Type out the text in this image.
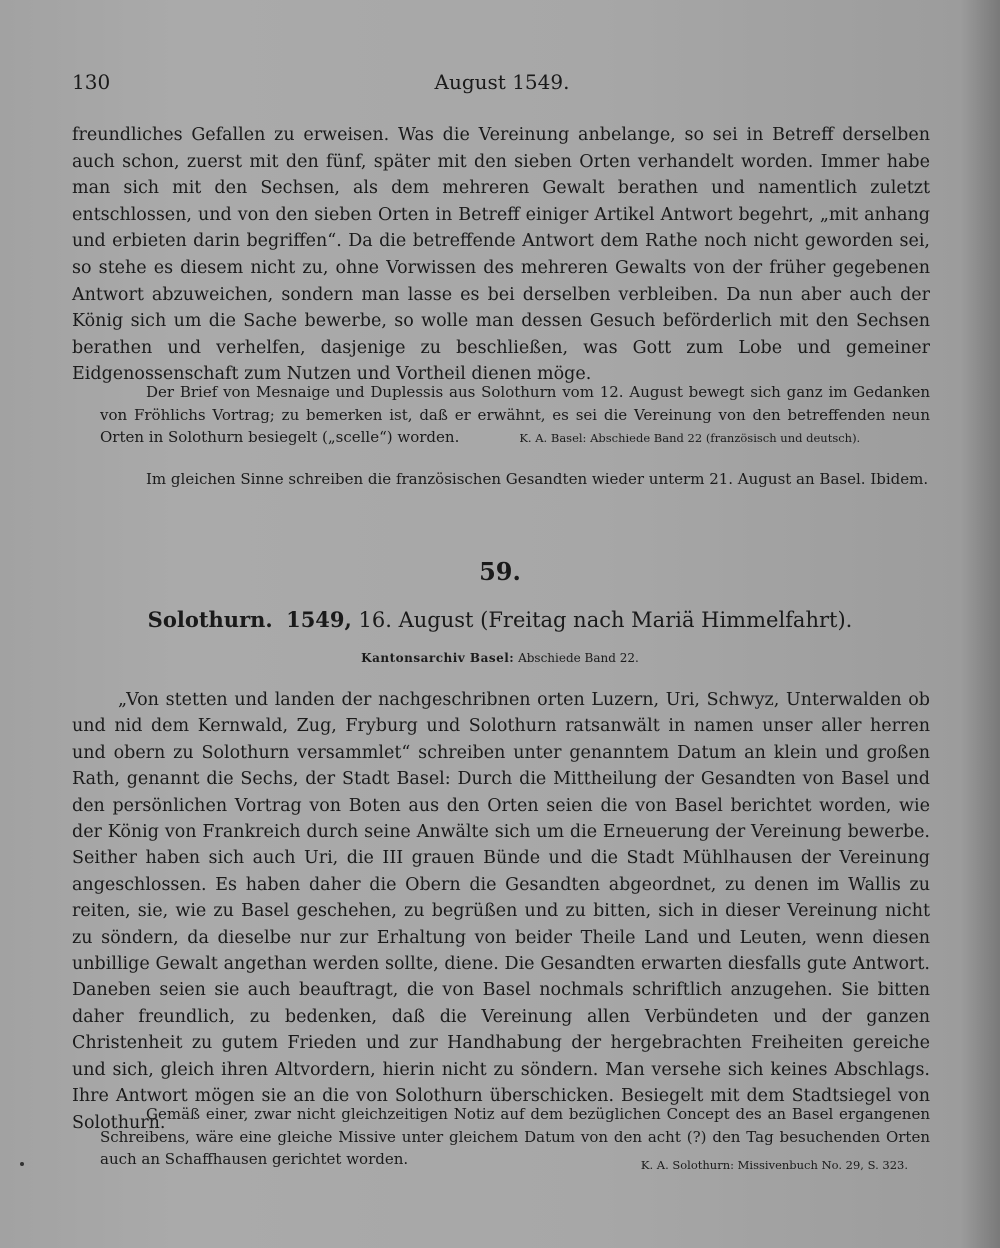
130	August 1549.

freundliches Gefallen zu erweisen. Was die Vereinung anbelange, so sei in Betreff derselben auch schon, zuerst mit den fünf, später mit den sieben Orten verhandelt worden. Immer habe man sich mit den Sechsen, als dem mehreren Gewalt berathen und namentlich zuletzt entschlossen, und von den sieben Orten in Betreff einiger Artikel Antwort begehrt, „mit anhang und erbieten darin begriffen“. Da die betreffende Antwort dem Rathe noch nicht geworden sei, so stehe es diesem nicht zu, ohne Vorwissen des mehreren Gewalts von der früher gegebenen Antwort abzuweichen, sondern man lasse es bei derselben verbleiben. Da nun aber auch der König sich um die Sache bewerbe, so wolle man dessen Gesuch beförderlich mit den Sechsen berathen und verhelfen, dasjenige zu beschließen, was Gott zum Lobe und gemeiner Eidgenossenschaft zum Nutzen und Vortheil dienen möge.

Der Brief von Mesnaige und Duplessis aus Solothurn vom 12. August bewegt sich ganz im Gedanken von Fröhlichs Vortrag; zu bemerken ist, daß er erwähnt, es sei die Vereinung von den betreffenden neun Orten in Solothurn besiegelt („scelle“) worden.	K. A. Basel: Abschiede Band 22 (französisch und deutsch).

Im gleichen Sinne schreiben die französischen Gesandten wieder unterm 21. August an Basel. Ibidem.

59.
Solothurn. 1549, 16. August (Freitag nach Mariä Himmelfahrt).
Kantonsarchiv Basel: Abschiede Band 22.

„Von stetten und landen der nachgeschribnen orten Luzern, Uri, Schwyz, Unterwalden ob und nid dem Kernwald, Zug, Fryburg und Solothurn ratsanwält in namen unser aller herren und obern zu Solothurn versammlet“ schreiben unter genanntem Datum an klein und großen Rath, genannt die Sechs, der Stadt Basel: Durch die Mittheilung der Gesandten von Basel und den persönlichen Vortrag von Boten aus den Orten seien die von Basel berichtet worden, wie der König von Frankreich durch seine Anwälte sich um die Erneuerung der Vereinung bewerbe. Seither haben sich auch Uri, die III grauen Bünde und die Stadt Mühlhausen der Vereinung angeschlossen. Es haben daher die Obern die Gesandten abgeordnet, zu denen im Wallis zu reiten, sie, wie zu Basel geschehen, zu begrüßen und zu bitten, sich in dieser Vereinung nicht zu söndern, da dieselbe nur zur Erhaltung von beider Theile Land und Leuten, wenn diesen unbillige Gewalt angethan werden sollte, diene. Die Gesandten erwarten diesfalls gute Antwort. Daneben seien sie auch beauftragt, die von Basel nochmals schriftlich anzugehen. Sie bitten daher freundlich, zu bedenken, daß die Vereinung allen Verbündeten und der ganzen Christenheit zu gutem Frieden und zur Handhabung der hergebrachten Freiheiten gereiche und sich, gleich ihren Altvordern, hierin nicht zu söndern. Man versehe sich keines Abschlags. Ihre Antwort mögen sie an die von Solothurn überschicken. Besiegelt mit dem Stadtsiegel von Solothurn.

Gemäß einer, zwar nicht gleichzeitigen Notiz auf dem bezüglichen Concept des an Basel ergangenen Schreibens, wäre eine gleiche Missive unter gleichem Datum von den acht (?) den Tag besuchenden Orten auch an Schaffhausen gerichtet worden.	K. A. Solothurn: Missivenbuch No. 29, S. 323.
